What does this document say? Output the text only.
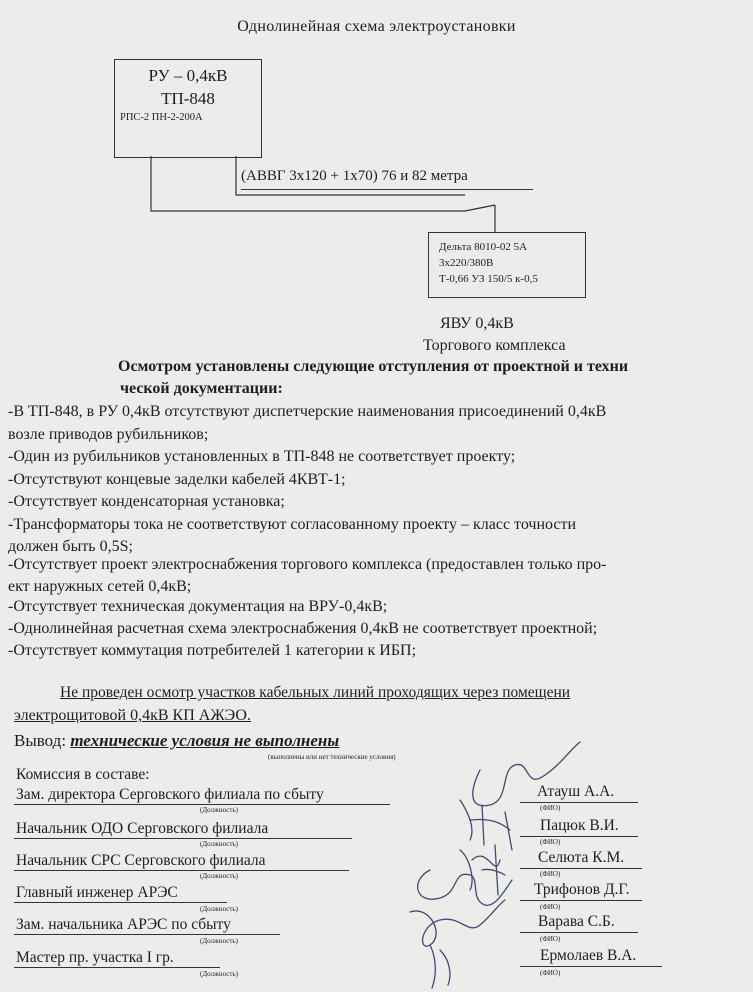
Однолинейная схема электроустановки
РУ – 0,4кВ
ТП-848
РПС-2 ПН-2-200А
(АВВГ 3х120 + 1х70) 76 и 82 метра
Дельта 8010-02 5А
3х220/380В
Т-0,66 УЗ 150/5 к-0,5
ЯВУ 0,4кВ
Торгового комплекса
Осмотром установлены следующие отступления от проектной и техни
ческой документации:
-В ТП-848, в РУ 0,4кВ отсутствуют диспетчерские наименования присоединений 0,4кВ
возле приводов рубильников;
-Один из рубильников установленных в ТП-848 не соответствует проекту;
-Отсутствуют концевые заделки кабелей 4КВТ-1;
-Отсутствует конденсаторная установка;
-Трансформаторы тока не соответствуют согласованному проекту – класс точности
должен быть 0,5S;
-Отсутствует проект электроснабжения торгового комплекса (предоставлен только про-
ект наружных сетей 0,4кВ;
-Отсутствует техническая документация на ВРУ-0,4кВ;
-Однолинейная расчетная схема электроснабжения 0,4кВ не соответствует проектной;
-Отсутствует коммутация потребителей 1 категории к ИБП;
Не проведен осмотр участков кабельных линий проходящих через помещени
электрощитовой 0,4кВ КП АЖЭО.
Вывод: технические условия не выполнены
(выполнены или нет технические условия)
Комиссия в составе:
Зам. директора Серговского филиала по сбыту	Атауш А.А.
(Должность)	(ФИО)
Начальник ОДО Серговского филиала	Пацюк В.И.
(Должность)	(ФИО)
Начальник СРС Серговского филиала	Селюта К.М.
(Должность)	(ФИО)
Главный инженер АРЭС	Трифонов Д.Г.
(Должность)	(ФИО)
Зам. начальника АРЭС по сбыту	Варава С.Б.
(Должность)	(ФИО)
Мастер пр. участка I гр.	Ермолаев В.А.
(Должность)	(ФИО)
